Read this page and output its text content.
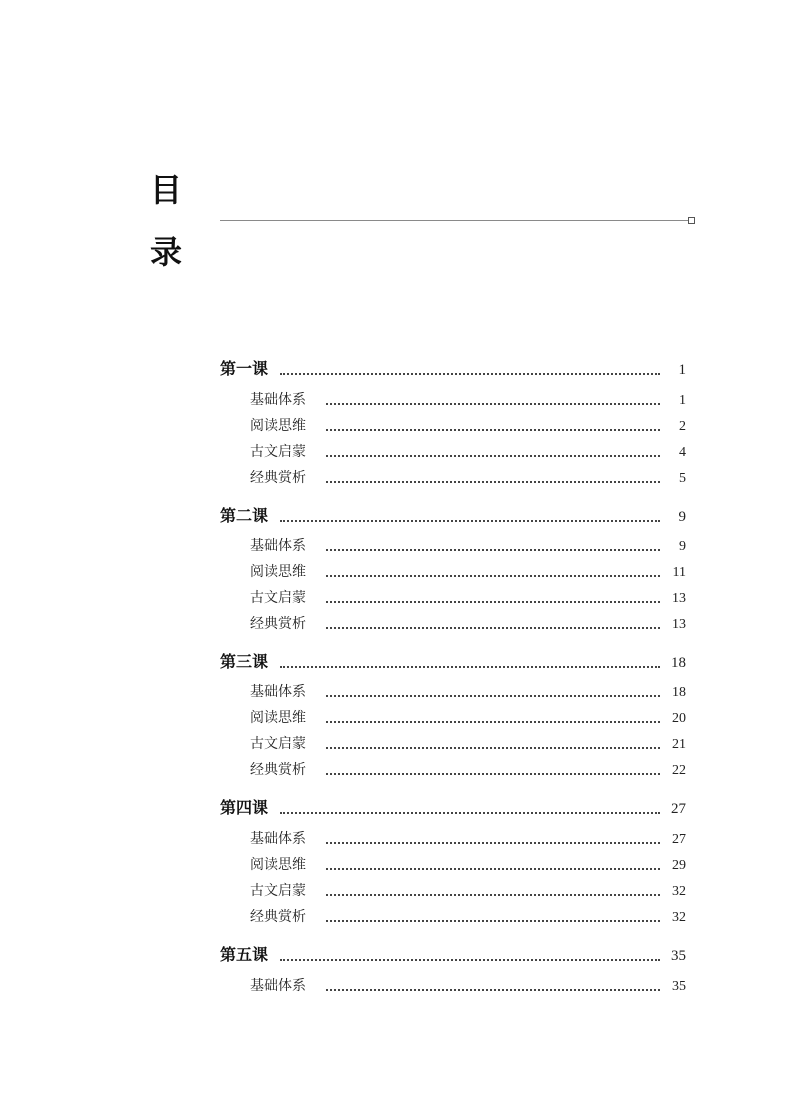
目
录
第一课	1
基础体系	1
阅读思维	2
古文启蒙	4
经典赏析	5
第二课	9
基础体系	9
阅读思维	11
古文启蒙	13
经典赏析	13
第三课	18
基础体系	18
阅读思维	20
古文启蒙	21
经典赏析	22
第四课	27
基础体系	27
阅读思维	29
古文启蒙	32
经典赏析	32
第五课	35
基础体系	35
